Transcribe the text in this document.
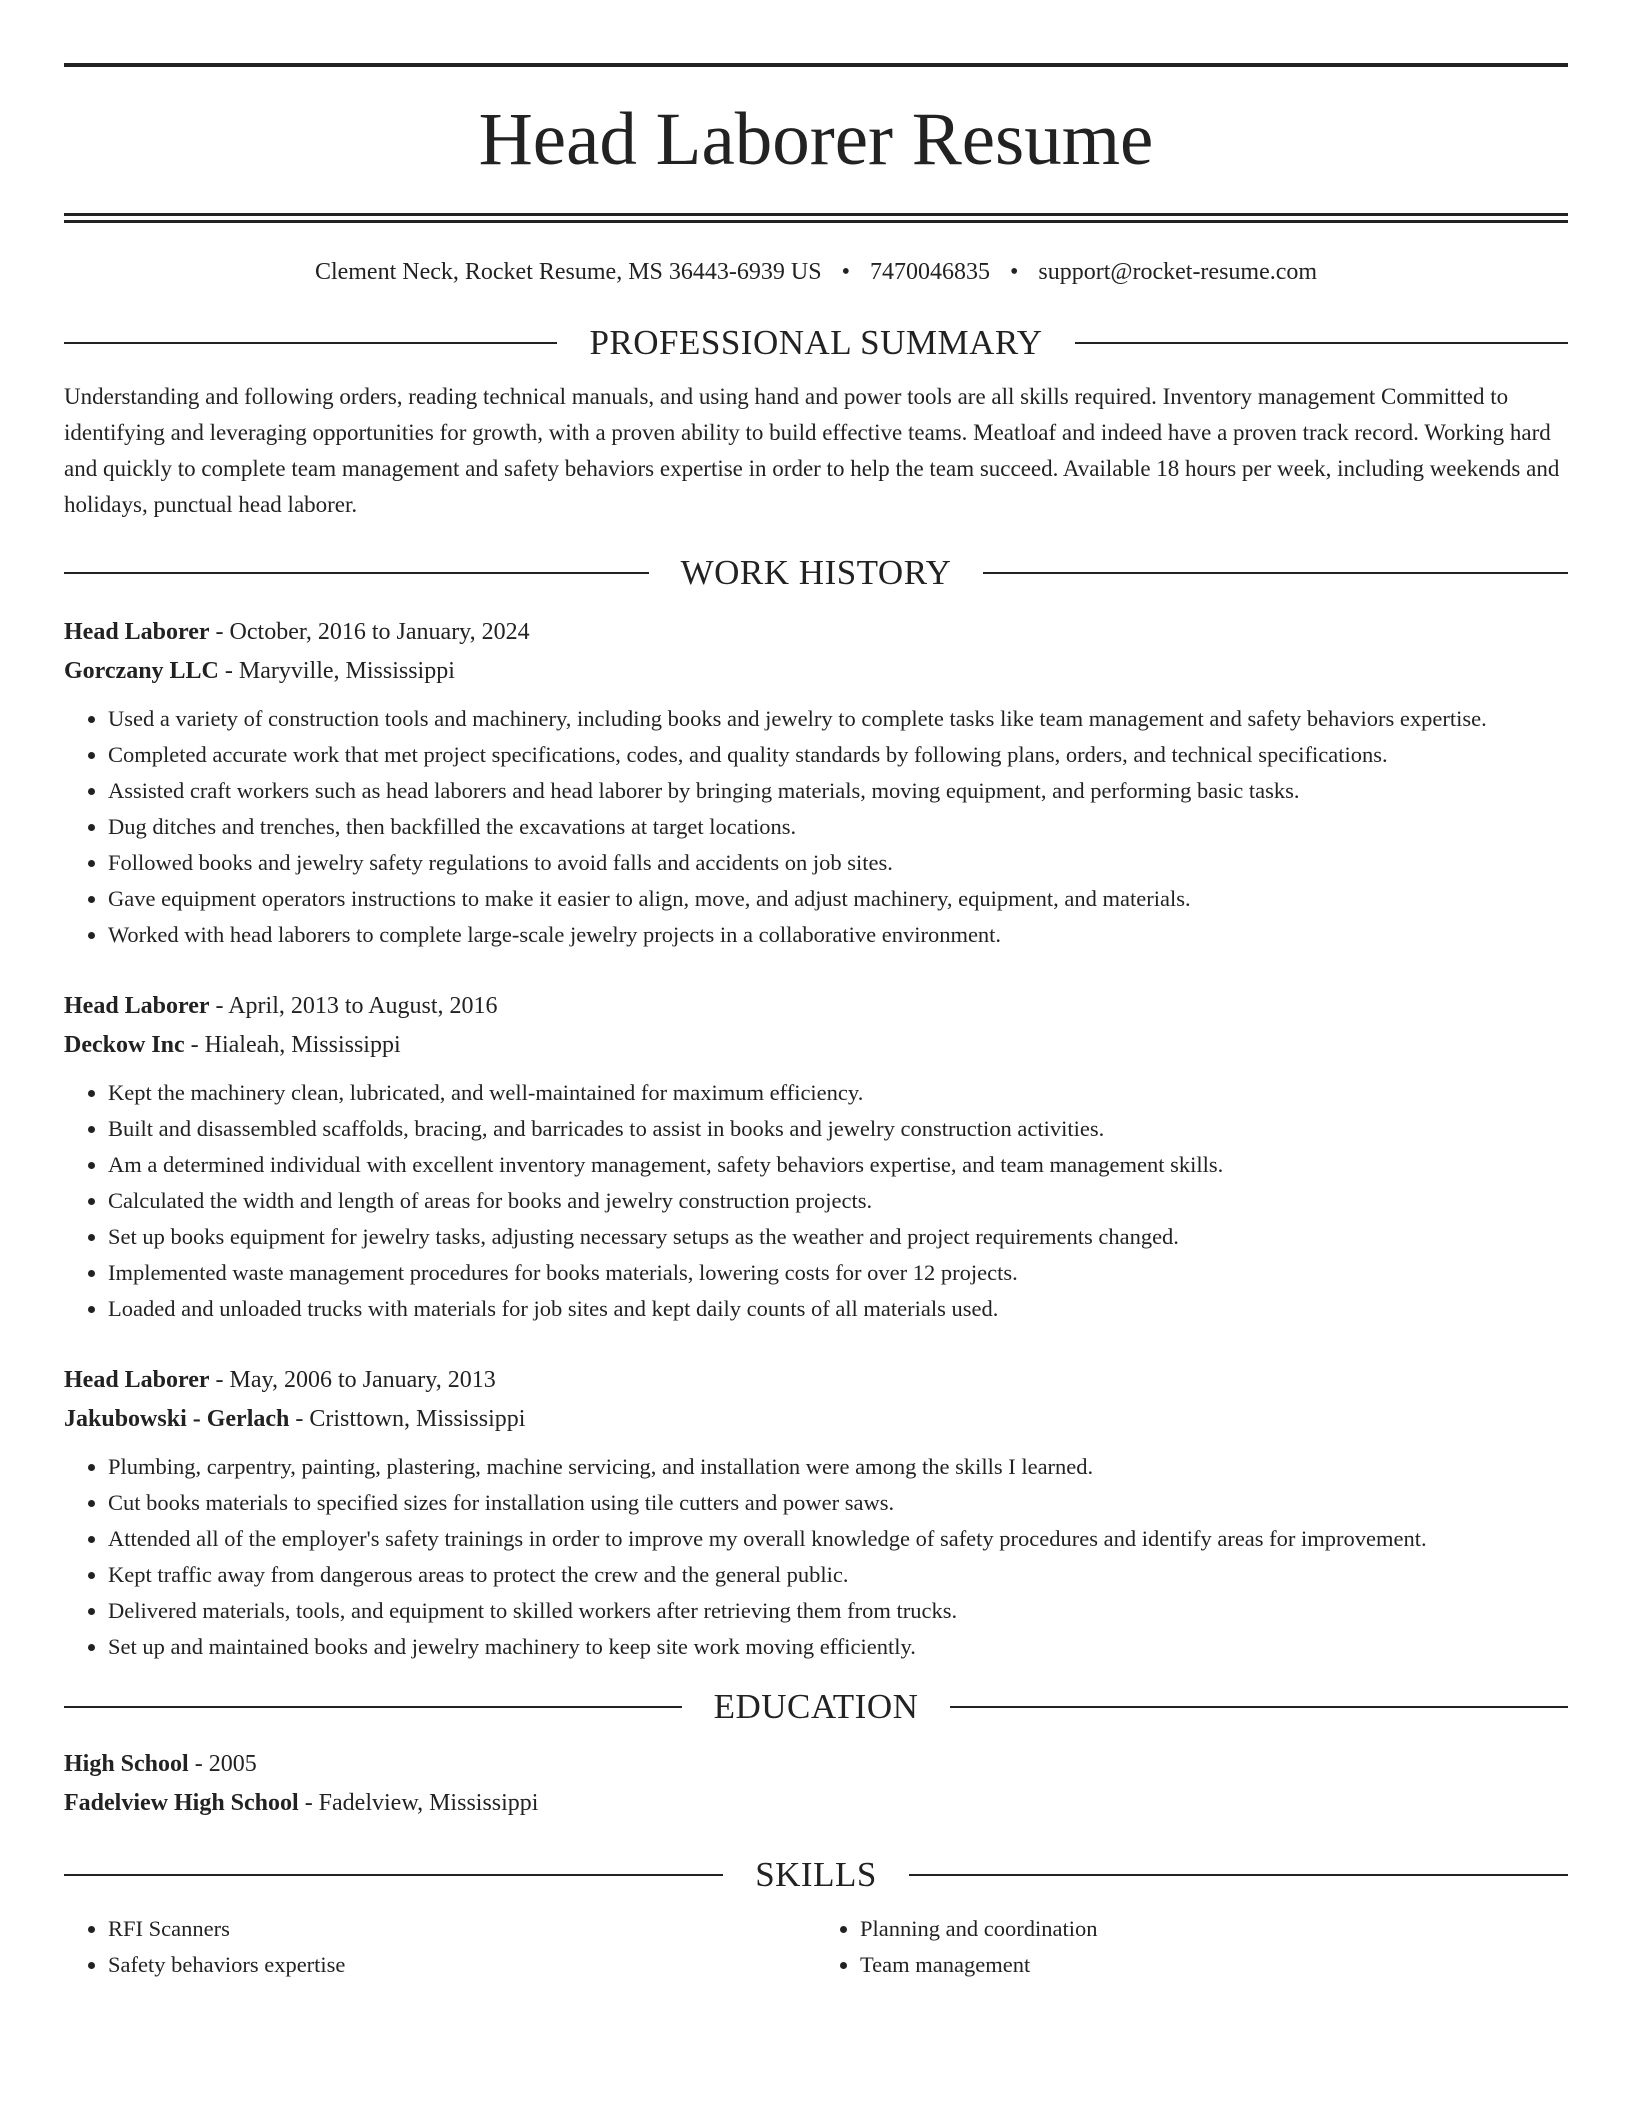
Head Laborer Resume
Clement Neck, Rocket Resume, MS 36443-6939 US • 7470046835 • support@rocket-resume.com
PROFESSIONAL SUMMARY

Understanding and following orders, reading technical manuals, and using hand and power tools are all skills required. Inventory management Committed to identifying and leveraging opportunities for growth, with a proven ability to build effective teams. Meatloaf and indeed have a proven track record. Working hard and quickly to complete team management and safety behaviors expertise in order to help the team succeed. Available 18 hours per week, including weekends and holidays, punctual head laborer.

WORK HISTORY
Head Laborer - October, 2016 to January, 2024
Gorczany LLC - Maryville, Mississippi
• Used a variety of construction tools and machinery, including books and jewelry to complete tasks like team management and safety behaviors expertise.
• Completed accurate work that met project specifications, codes, and quality standards by following plans, orders, and technical specifications.
• Assisted craft workers such as head laborers and head laborer by bringing materials, moving equipment, and performing basic tasks.
• Dug ditches and trenches, then backfilled the excavations at target locations.
• Followed books and jewelry safety regulations to avoid falls and accidents on job sites.
• Gave equipment operators instructions to make it easier to align, move, and adjust machinery, equipment, and materials.
• Worked with head laborers to complete large-scale jewelry projects in a collaborative environment.
Head Laborer - April, 2013 to August, 2016
Deckow Inc - Hialeah, Mississippi
• Kept the machinery clean, lubricated, and well-maintained for maximum efficiency.
• Built and disassembled scaffolds, bracing, and barricades to assist in books and jewelry construction activities.
• Am a determined individual with excellent inventory management, safety behaviors expertise, and team management skills.
• Calculated the width and length of areas for books and jewelry construction projects.
• Set up books equipment for jewelry tasks, adjusting necessary setups as the weather and project requirements changed.
• Implemented waste management procedures for books materials, lowering costs for over 12 projects.
• Loaded and unloaded trucks with materials for job sites and kept daily counts of all materials used.
Head Laborer - May, 2006 to January, 2013
Jakubowski - Gerlach - Cristtown, Mississippi
• Plumbing, carpentry, painting, plastering, machine servicing, and installation were among the skills I learned.
• Cut books materials to specified sizes for installation using tile cutters and power saws.
• Attended all of the employer's safety trainings in order to improve my overall knowledge of safety procedures and identify areas for improvement.
• Kept traffic away from dangerous areas to protect the crew and the general public.
• Delivered materials, tools, and equipment to skilled workers after retrieving them from trucks.
• Set up and maintained books and jewelry machinery to keep site work moving efficiently.
EDUCATION
High School - 2005
Fadelview High School - Fadelview, Mississippi
SKILLS
• RFI Scanners
• Safety behaviors expertise
• Planning and coordination
• Team management
